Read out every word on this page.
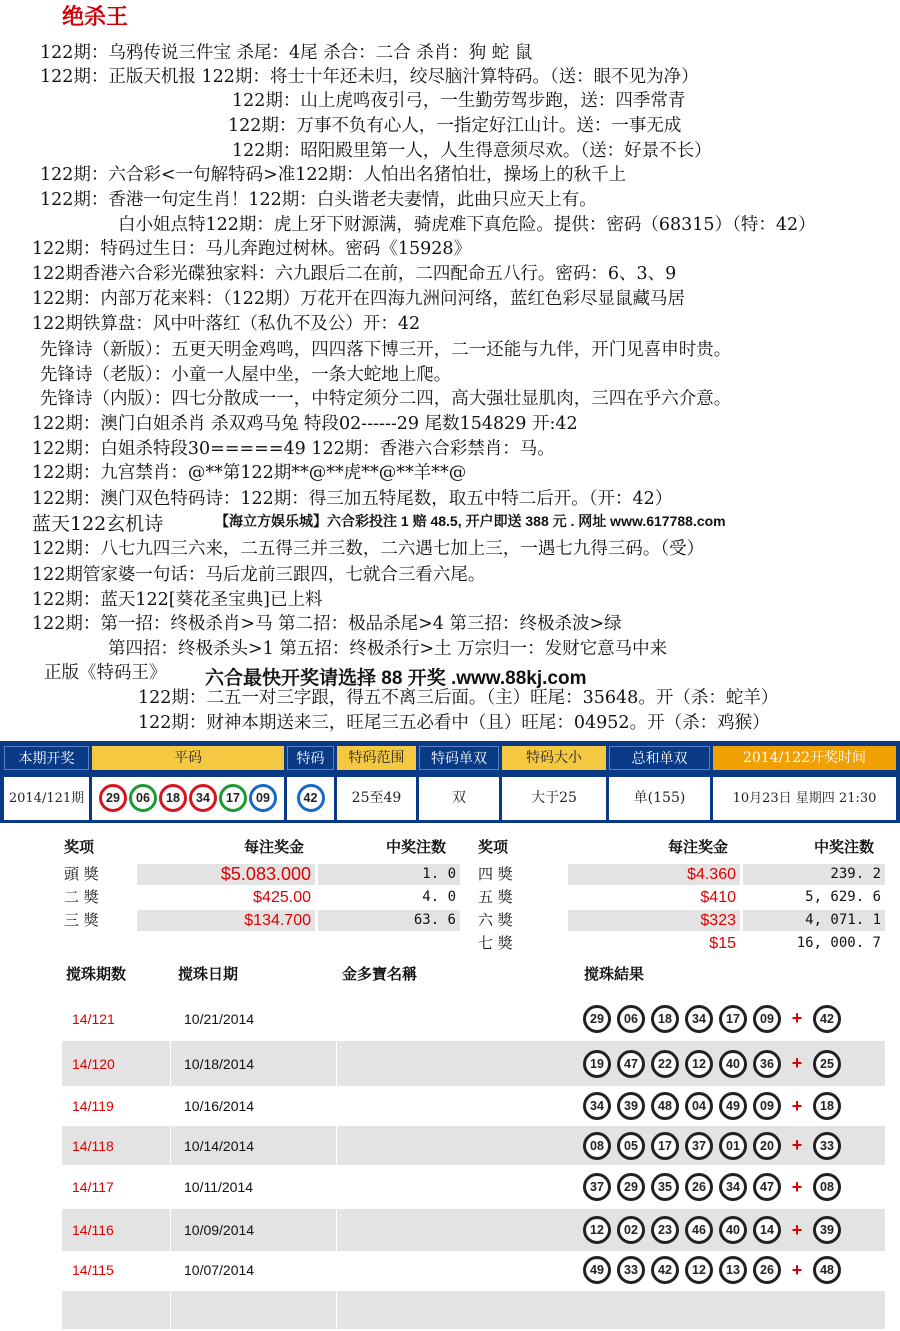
绝杀王
122期：乌鸦传说三件宝 杀尾：4尾 杀合：二合 杀肖：狗 蛇 鼠
122期：正版天机报 122期：将士十年还未归，绞尽脑汁算特码。（送：眼不见为净）
122期：山上虎鸣夜引弓，一生勤劳驾步跑，送：四季常青
122期：万事不负有心人，一指定好江山计。送：一事无成
122期：昭阳殿里第一人，人生得意须尽欢。（送：好景不长）
122期：六合彩<一句解特码>准122期：人怕出名猪怕壮，操场上的秋千上
122期：香港一句定生肖！122期：白头谐老夫妻情，此曲只应天上有。
白小姐点特122期：虎上牙下财源满，骑虎难下真危险。提供：密码（68315）（特：42）
122期：特码过生日：马儿奔跑过树林。密码《15928》
122期香港六合彩光碟独家料：六九跟后二在前，二四配命五八行。密码：6、3、9
122期：内部万花来料：（122期）万花开在四海九洲问河络，蓝红色彩尽显鼠藏马居
122期铁算盘：风中叶落红（私仇不及公）开：42
先锋诗（新版）：五更天明金鸡鸣，四四落下博三开，二一还能与九伴，开门见喜申时贵。
先锋诗（老版）：小童一人屋中坐，一条大蛇地上爬。
先锋诗（内版）：四七分散成一一，中特定须分二四，高大强壮显肌肉，三四在乎六介意。
122期：澳门白姐杀肖 杀双鸡马兔 特段02------29 尾数154829 开:42
122期：白姐杀特段30=====49 122期：香港六合彩禁肖：马。
122期：九宫禁肖：@**第122期**@**虎**@**羊**@
122期：澳门双色特码诗：122期：得三加五特尾数，取五中特二后开。（开：42）
蓝天122玄机诗	【海立方娱乐城】六合彩投注 1 赔 48.5, 开户即送 388 元 . 网址 www.617788.com
122期：八七九四三六来，二五得三并三数，二六遇七加上三，一遇七九得三码。（受）
122期管家婆一句话：马后龙前三跟四，七就合三看六尾。
122期：蓝天122[葵花圣宝典]已上料
122期：第一招：终极杀肖>马 第二招：极品杀尾>4 第三招：终极杀波>绿
第四招：终极杀头>1 第五招：终极杀行>土 万宗归一：发财它意马中来
正版《特码王》 六合最快开奖请选择 88 开奖 .www.88kj.com
122期：二五一对三字跟，得五不离三后面。（主）旺尾：35648。开（杀：蛇羊）
122期：财神本期送来三，旺尾三五必看中（且）旺尾：04952。开（杀：鸡猴）
本期开奖	平码	特码	特码范围	特码单双	特码大小	总和单双	2014/122开奖时间
2014/121期	29 06 18 34 17 09	42	25至49	双	大于25	单(155)	10月23日 星期四 21:30
奖项	每注奖金	中奖注数 奖项	每注奖金	中奖注数
頭 獎	$5.083.000	1. 0
二 獎	$425.00	4. 0
三 獎	$134.700	63. 6
四 獎	$4.360	239. 2
五 獎	$410	5, 629. 6
六 獎	$323	4, 071. 1
七 獎	$15	16, 000. 7
搅珠期数	搅珠日期	金多寶名稱	搅珠結果
14/121	10/21/2014	29 06 18 34 17 09 + 42
14/120	10/18/2014	19 47 22 12 40 36 + 25
14/119	10/16/2014	34 39 48 04 49 09 + 18
14/118	10/14/2014	08 05 17 37 01 20 + 33
14/117	10/11/2014	37 29 35 26 34 47 + 08
14/116	10/09/2014	12 02 23 46 40 14 + 39
14/115	10/07/2014	49 33 42 12 13 26 + 48
